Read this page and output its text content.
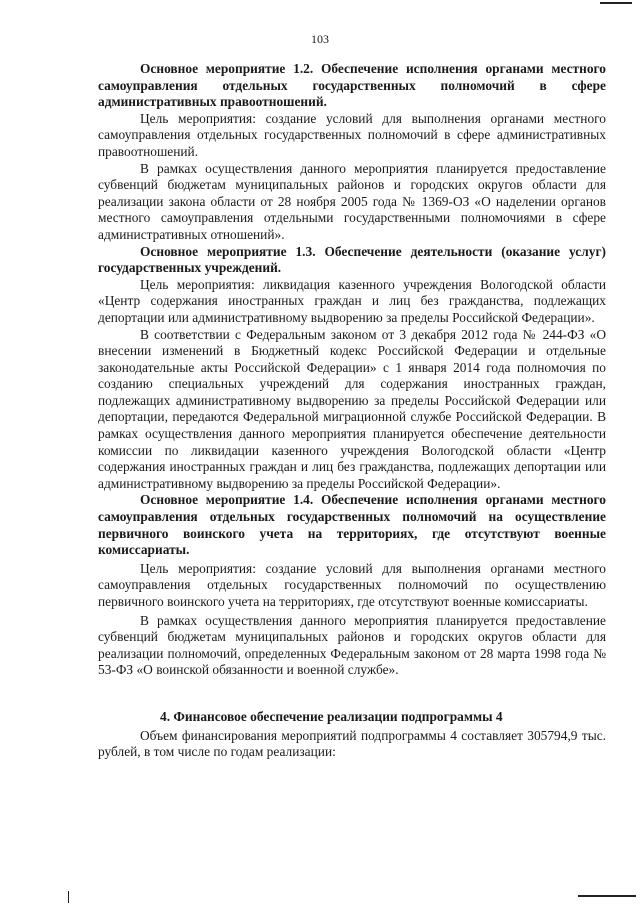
103

Основное мероприятие 1.2. Обеспечение исполнения органами местного самоуправления отдельных государственных полномочий в сфере административных правоотношений.

Цель мероприятия: создание условий для выполнения органами местного самоуправления отдельных государственных полномочий в сфере административных правоотношений.

В рамках осуществления данного мероприятия планируется предоставление субвенций бюджетам муниципальных районов и городских округов области для реализации закона области от 28 ноября 2005 года № 1369-ОЗ «О наделении органов местного самоуправления отдельными государственными полномочиями в сфере административных отношений».

Основное мероприятие 1.3. Обеспечение деятельности (оказание услуг) государственных учреждений.

Цель мероприятия: ликвидация казенного учреждения Вологодской области «Центр содержания иностранных граждан и лиц без гражданства, подлежащих депортации или административному выдворению за пределы Российской Федерации».

В соответствии с Федеральным законом от 3 декабря 2012 года № 244-ФЗ «О внесении изменений в Бюджетный кодекс Российской Федерации и отдельные законодательные акты Российской Федерации» с 1 января 2014 года полномочия по созданию специальных учреждений для содержания иностранных граждан, подлежащих административному выдворению за пределы Российской Федерации или депортации, передаются Федеральной миграционной службе Российской Федерации. В рамках осуществления данного мероприятия планируется обеспечение деятельности комиссии по ликвидации казенного учреждения Вологодской области «Центр содержания иностранных граждан и лиц без гражданства, подлежащих депортации или административному выдворению за пределы Российской Федерации».

Основное мероприятие 1.4. Обеспечение исполнения органами местного самоуправления отдельных государственных полномочий на осуществление первичного воинского учета на территориях, где отсутствуют военные комиссариаты.

Цель мероприятия: создание условий для выполнения органами местного самоуправления отдельных государственных полномочий по осуществлению первичного воинского учета на территориях, где отсутствуют военные комиссариаты.

В рамках осуществления данного мероприятия планируется предоставление субвенций бюджетам муниципальных районов и городских округов области для реализации полномочий, определенных Федеральным законом от 28 марта 1998 года № 53-ФЗ «О воинской обязанности и военной службе».

4. Финансовое обеспечение реализации подпрограммы 4

Объем финансирования мероприятий подпрограммы 4 составляет 305794,9 тыс. рублей, в том числе по годам реализации:
